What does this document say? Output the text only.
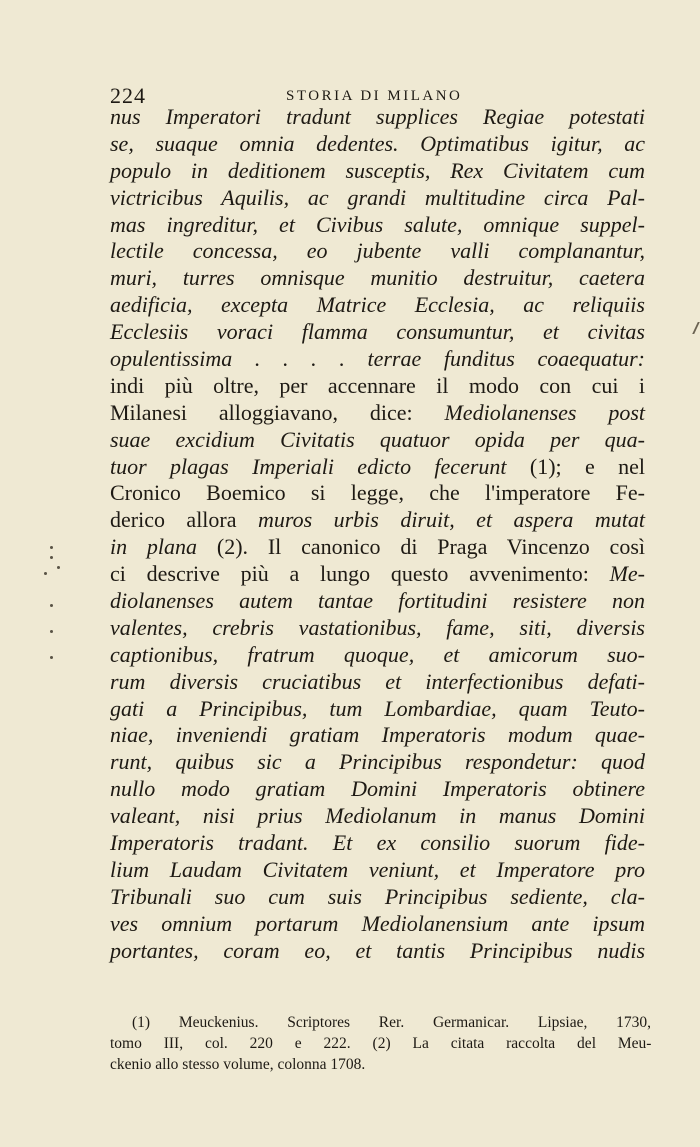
224	STORIA DI MILANO
nus Imperatori tradunt supplices Regiae potestati
se, suaque omnia dedentes. Optimatibus igitur, ac
populo in deditionem susceptis, Rex Civitatem cum
victricibus Aquilis, ac grandi multitudine circa Pal-
mas ingreditur, et Civibus salute, omnique suppel-
lectile concessa, eo jubente valli complanantur,
muri, turres omnisque munitio destruitur, caetera
aedificia, excepta Matrice Ecclesia, ac reliquiis
Ecclesiis voraci flamma consumuntur, et civitas
opulentissima . . . . terrae funditus coaequatur:
indi più oltre, per accennare il modo con cui i
Milanesi alloggiavano, dice: Mediolanenses post
suae excidium Civitatis quatuor opida per qua-
tuor plagas Imperiali edicto fecerunt (1); e nel
Cronico Boemico si legge, che l'imperatore Fe-
derico allora muros urbis diruit, et aspera mutat
in plana (2). Il canonico di Praga Vincenzo così
ci descrive più a lungo questo avvenimento: Me-
diolanenses autem tantae fortitudini resistere non
valentes, crebris vastationibus, fame, siti, diversis
captionibus, fratrum quoque, et amicorum suo-
rum diversis cruciatibus et interfectionibus defati-
gati a Principibus, tum Lombardiae, quam Teuto-
niae, inveniendi gratiam Imperatoris modum quae-
runt, quibus sic a Principibus respondetur: quod
nullo modo gratiam Domini Imperatoris obtinere
valeant, nisi prius Mediolanum in manus Domini
Imperatoris tradant. Et ex consilio suorum fide-
lium Laudam Civitatem veniunt, et Imperatore pro
Tribunali suo cum suis Principibus sediente, cla-
ves omnium portarum Mediolanensium ante ipsum
portantes, coram eo, et tantis Principibus nudis
(1) Meuckenius. Scriptores Rer. Germanicar. Lipsiae, 1730,
tomo III, col. 220 e 222. (2) La citata raccolta del Meu-
ckenio allo stesso volume, colonna 1708.
